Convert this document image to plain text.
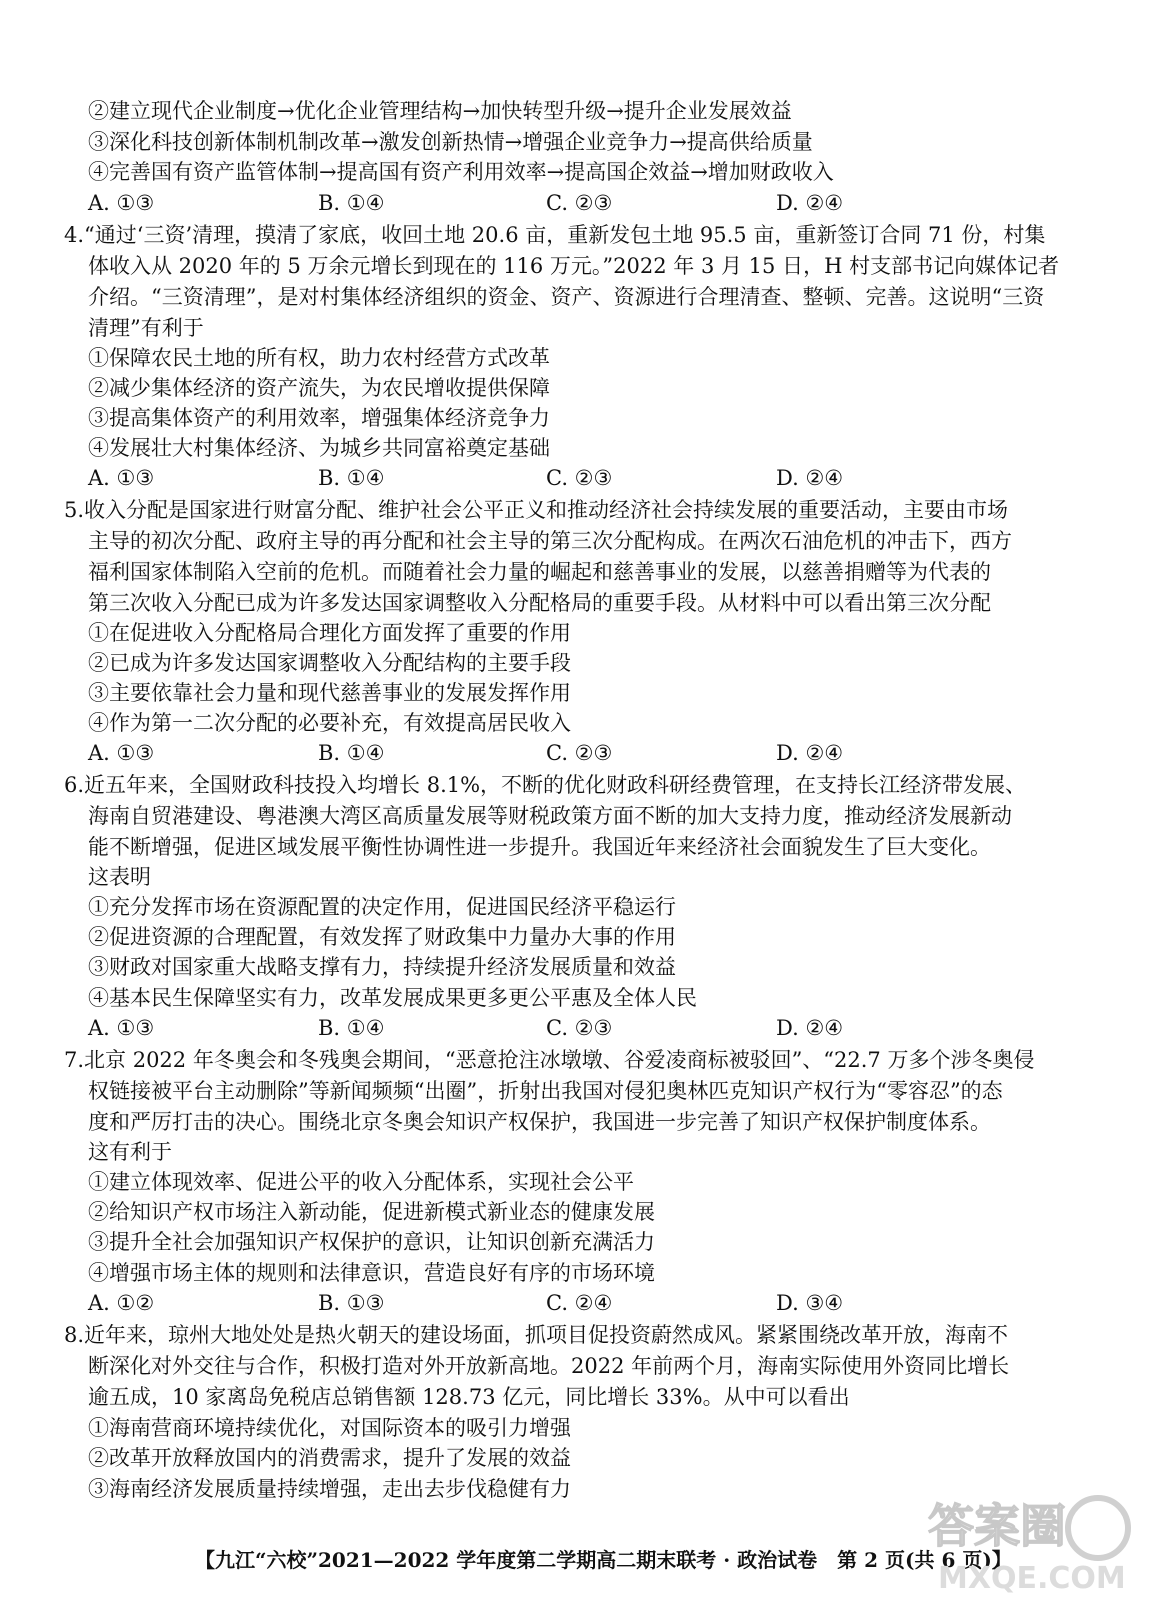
②建立现代企业制度→优化企业管理结构→加快转型升级→提升企业发展效益
③深化科技创新体制机制改革→激发创新热情→增强企业竞争力→提高供给质量
④完善国有资产监管体制→提高国有资产利用效率→提高国企效益→增加财政收入
A. ①③	B. ①④	C. ②③	D. ②④
4.“通过‘三资’清理，摸清了家底，收回土地 20.6 亩，重新发包土地 95.5 亩，重新签订合同 71 份，村集
体收入从 2020 年的 5 万余元增长到现在的 116 万元。”2022 年 3 月 15 日，H 村支部书记向媒体记者
介绍。“三资清理”，是对村集体经济组织的资金、资产、资源进行合理清查、整顿、完善。这说明“三资
清理”有利于
①保障农民土地的所有权，助力农村经营方式改革
②减少集体经济的资产流失，为农民增收提供保障
③提高集体资产的利用效率，增强集体经济竞争力
④发展壮大村集体经济、为城乡共同富裕奠定基础
A. ①③	B. ①④	C. ②③	D. ②④
5.收入分配是国家进行财富分配、维护社会公平正义和推动经济社会持续发展的重要活动，主要由市场
主导的初次分配、政府主导的再分配和社会主导的第三次分配构成。在两次石油危机的冲击下，西方
福利国家体制陷入空前的危机。而随着社会力量的崛起和慈善事业的发展，以慈善捐赠等为代表的
第三次收入分配已成为许多发达国家调整收入分配格局的重要手段。从材料中可以看出第三次分配
①在促进收入分配格局合理化方面发挥了重要的作用
②已成为许多发达国家调整收入分配结构的主要手段
③主要依靠社会力量和现代慈善事业的发展发挥作用
④作为第一二次分配的必要补充，有效提高居民收入
A. ①③	B. ①④	C. ②③	D. ②④
6.近五年来，全国财政科技投入均增长 8.1%，不断的优化财政科研经费管理，在支持长江经济带发展、
海南自贸港建设、粤港澳大湾区高质量发展等财税政策方面不断的加大支持力度，推动经济发展新动
能不断增强，促进区域发展平衡性协调性进一步提升。我国近年来经济社会面貌发生了巨大变化。
这表明
①充分发挥市场在资源配置的决定作用，促进国民经济平稳运行
②促进资源的合理配置，有效发挥了财政集中力量办大事的作用
③财政对国家重大战略支撑有力，持续提升经济发展质量和效益
④基本民生保障坚实有力，改革发展成果更多更公平惠及全体人民
A. ①③	B. ①④	C. ②③	D. ②④
7.北京 2022 年冬奥会和冬残奥会期间，“恶意抢注冰墩墩、谷爱凌商标被驳回”、“22.7 万多个涉冬奥侵
权链接被平台主动删除”等新闻频频“出圈”，折射出我国对侵犯奥林匹克知识产权行为“零容忍”的态
度和严厉打击的决心。围绕北京冬奥会知识产权保护，我国进一步完善了知识产权保护制度体系。
这有利于
①建立体现效率、促进公平的收入分配体系，实现社会公平
②给知识产权市场注入新动能，促进新模式新业态的健康发展
③提升全社会加强知识产权保护的意识，让知识创新充满活力
④增强市场主体的规则和法律意识，营造良好有序的市场环境
A. ①②	B. ①③	C. ②④	D. ③④
8.近年来，琼州大地处处是热火朝天的建设场面，抓项目促投资蔚然成风。紧紧围绕改革开放，海南不
断深化对外交往与合作，积极打造对外开放新高地。2022 年前两个月，海南实际使用外资同比增长
逾五成，10 家离岛免税店总销售额 128.73 亿元，同比增长 33%。从中可以看出
①海南营商环境持续优化，对国际资本的吸引力增强
②改革开放释放国内的消费需求，提升了发展的效益
③海南经济发展质量持续增强，走出去步伐稳健有力
【九江“六校”2021—2022 学年度第二学期高二期末联考 · 政治试卷　第 2 页(共 6 页)】
答案圈
MXQE.COM
